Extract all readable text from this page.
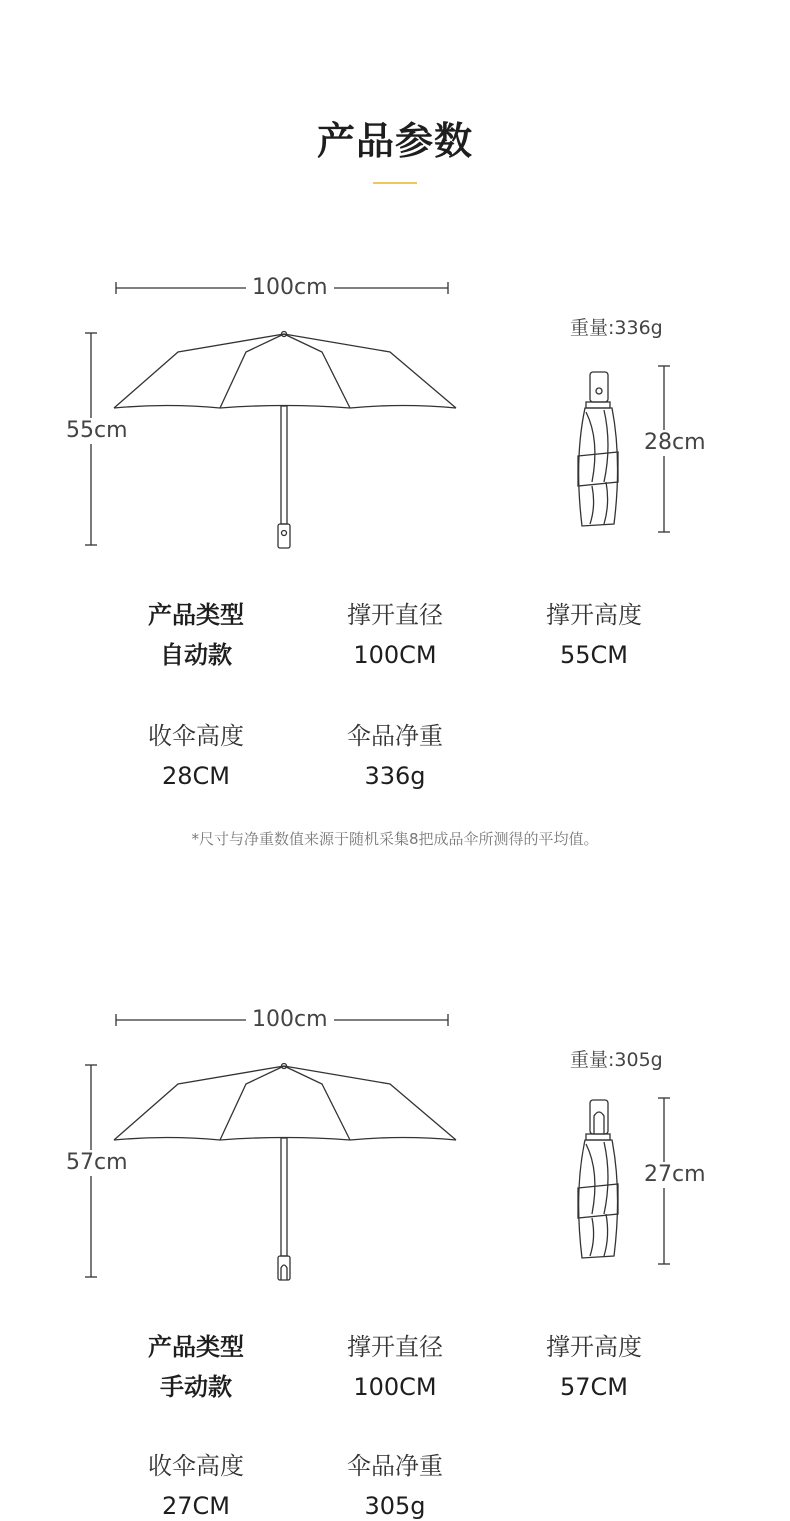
产品参数
100cm
55cm
重量:336g
28cm
产品类型
自动款
撑开直径
100CM
撑开高度
55CM
收伞高度
28CM
伞品净重
336g
*尺寸与净重数值来源于随机采集8把成品伞所测得的平均值。
100cm
57cm
重量:305g
27cm
产品类型
手动款
撑开直径
100CM
撑开高度
57CM
收伞高度
27CM
伞品净重
305g
